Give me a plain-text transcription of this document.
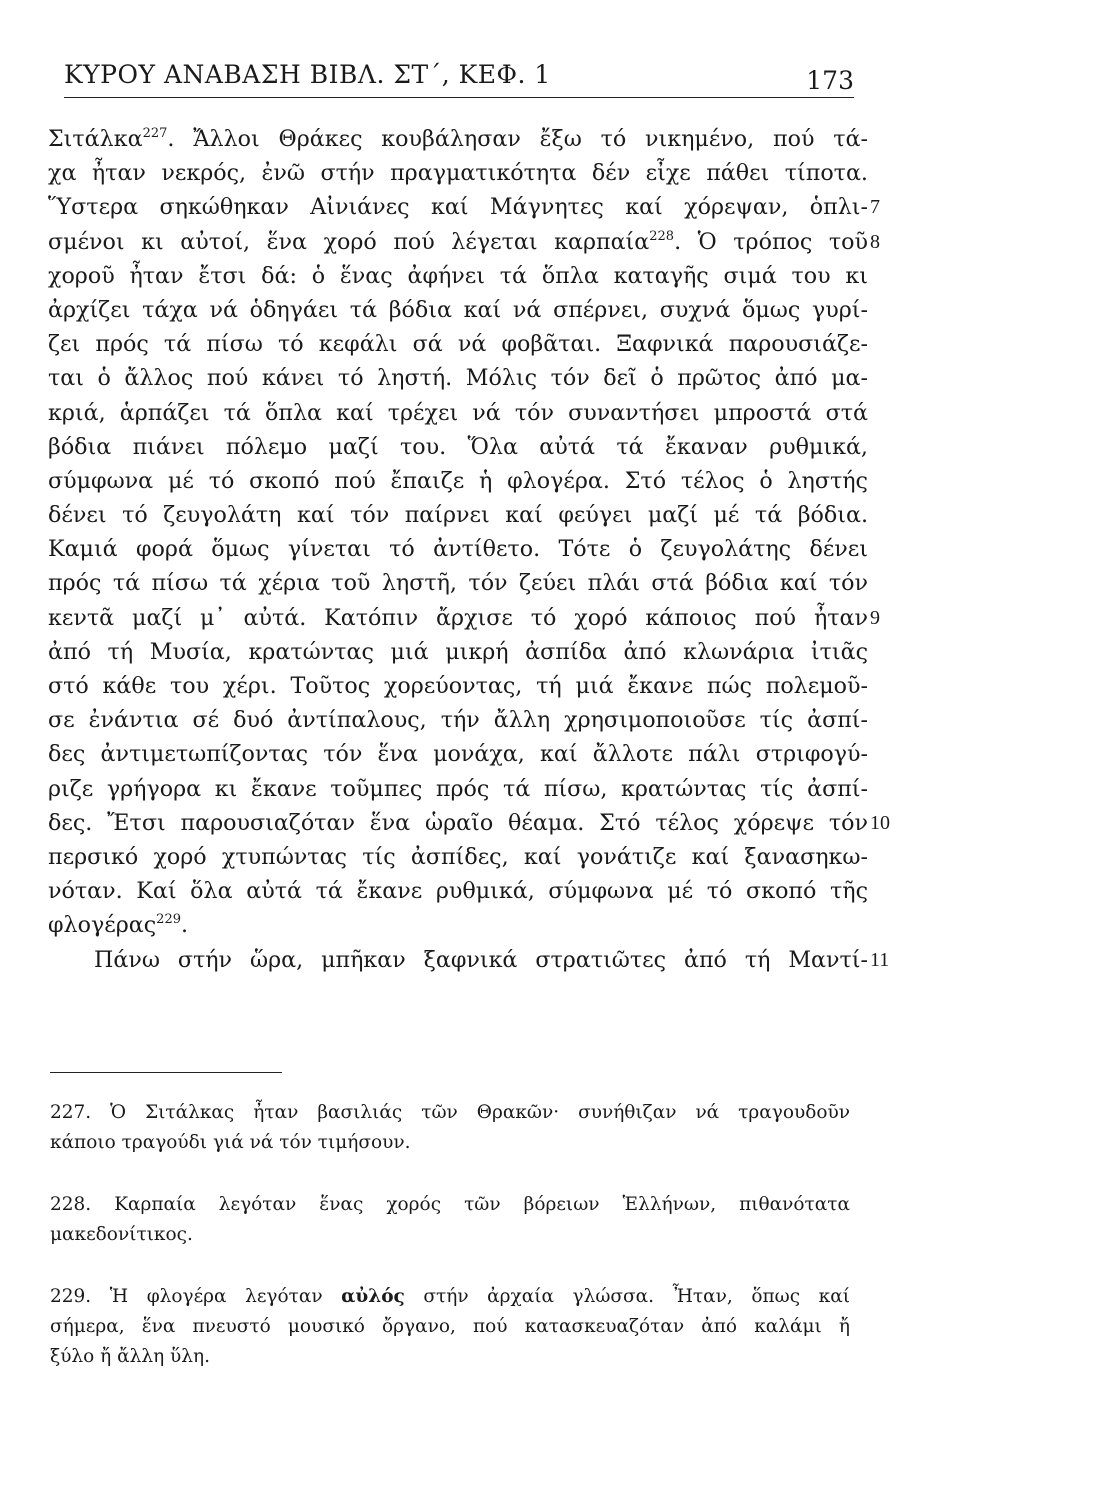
ΚΥΡΟΥ ΑΝΑΒΑΣΗ ΒΙΒΛ. ΣΤ΄, ΚΕΦ. 1	173
Σιτάλκα$^{227}$. Ἄλλοι Θράκες κουβάλησαν ἔξω τό νικημένο, πού τά-
χα ἦταν νεκρός, ἐνῶ στήν πραγματικότητα δέν εἶχε πάθει τίποτα.
Ὕστερα σηκώθηκαν Αἰνιάνες καί Μάγνητες καί χόρεψαν, ὁπλι- 7
σμένοι κι αὐτοί, ἕνα χορό πού λέγεται καρπαία$^{228}$. Ὁ τρόπος τοῦ 8
χοροῦ ἦταν ἔτσι δά: ὁ ἕνας ἀφήνει τά ὅπλα καταγῆς σιμά του κι
ἀρχίζει τάχα νά ὁδηγάει τά βόδια καί νά σπέρνει, συχνά ὅμως γυρί-
ζει πρός τά πίσω τό κεφάλι σά νά φοβᾶται. Ξαφνικά παρουσιάζε-
ται ὁ ἄλλος πού κάνει τό ληστή. Μόλις τόν δεῖ ὁ πρῶτος ἀπό μα-
κριά, ἁρπάζει τά ὅπλα καί τρέχει νά τόν συναντήσει μπροστά στά
βόδια πιάνει πόλεμο μαζί του. Ὅλα αὐτά τά ἔκαναν ρυθμικά,
σύμφωνα μέ τό σκοπό πού ἔπαιζε ἡ φλογέρα. Στό τέλος ὁ ληστής
δένει τό ζευγολάτη καί τόν παίρνει καί φεύγει μαζί μέ τά βόδια.
Καμιά φορά ὅμως γίνεται τό ἀντίθετο. Τότε ὁ ζευγολάτης δένει
πρός τά πίσω τά χέρια τοῦ ληστῆ, τόν ζεύει πλάι στά βόδια καί τόν
κεντᾶ μαζί μ᾿ αὐτά. Κατόπιν ἄρχισε τό χορό κάποιος πού ἦταν 9
ἀπό τή Μυσία, κρατώντας μιά μικρή ἀσπίδα ἀπό κλωνάρια ἰτιᾶς
στό κάθε του χέρι. Τοῦτος χορεύοντας, τή μιά ἔκανε πώς πολεμοῦ-
σε ἐνάντια σέ δυό ἀντίπαλους, τήν ἄλλη χρησιμοποιοῦσε τίς ἀσπί-
δες ἀντιμετωπίζοντας τόν ἕνα μονάχα, καί ἄλλοτε πάλι στριφογύ-
ριζε γρήγορα κι ἔκανε τοῦμπες πρός τά πίσω, κρατώντας τίς ἀσπί-
δες. Ἔτσι παρουσιαζόταν ἕνα ὡραῖο θέαμα. Στό τέλος χόρεψε τόν 10
περσικό χορό χτυπώντας τίς ἀσπίδες, καί γονάτιζε καί ξανασηκω-
νόταν. Καί ὅλα αὐτά τά ἔκανε ρυθμικά, σύμφωνα μέ τό σκοπό τῆς
φλογέρας$^{229}$.
Πάνω στήν ὥρα, μπῆκαν ξαφνικά στρατιῶτες ἀπό τή Μαντί- 11
227. Ὁ Σιτάλκας ἦταν βασιλιάς τῶν Θρακῶν· συνήθιζαν νά τραγουδοῦν
κάποιο τραγούδι γιά νά τόν τιμήσουν.
228. Καρπαία λεγόταν ἕνας χορός τῶν βόρειων Ἑλλήνων, πιθανότατα
μακεδονίτικος.
229. Ἡ φλογέρα λεγόταν αὐλός στήν ἀρχαία γλώσσα. Ἦταν, ὅπως καί
σήμερα, ἕνα πνευστό μουσικό ὄργανο, πού κατασκευαζόταν ἀπό καλάμι ἤ
ξύλο ἤ ἄλλη ὕλη.
